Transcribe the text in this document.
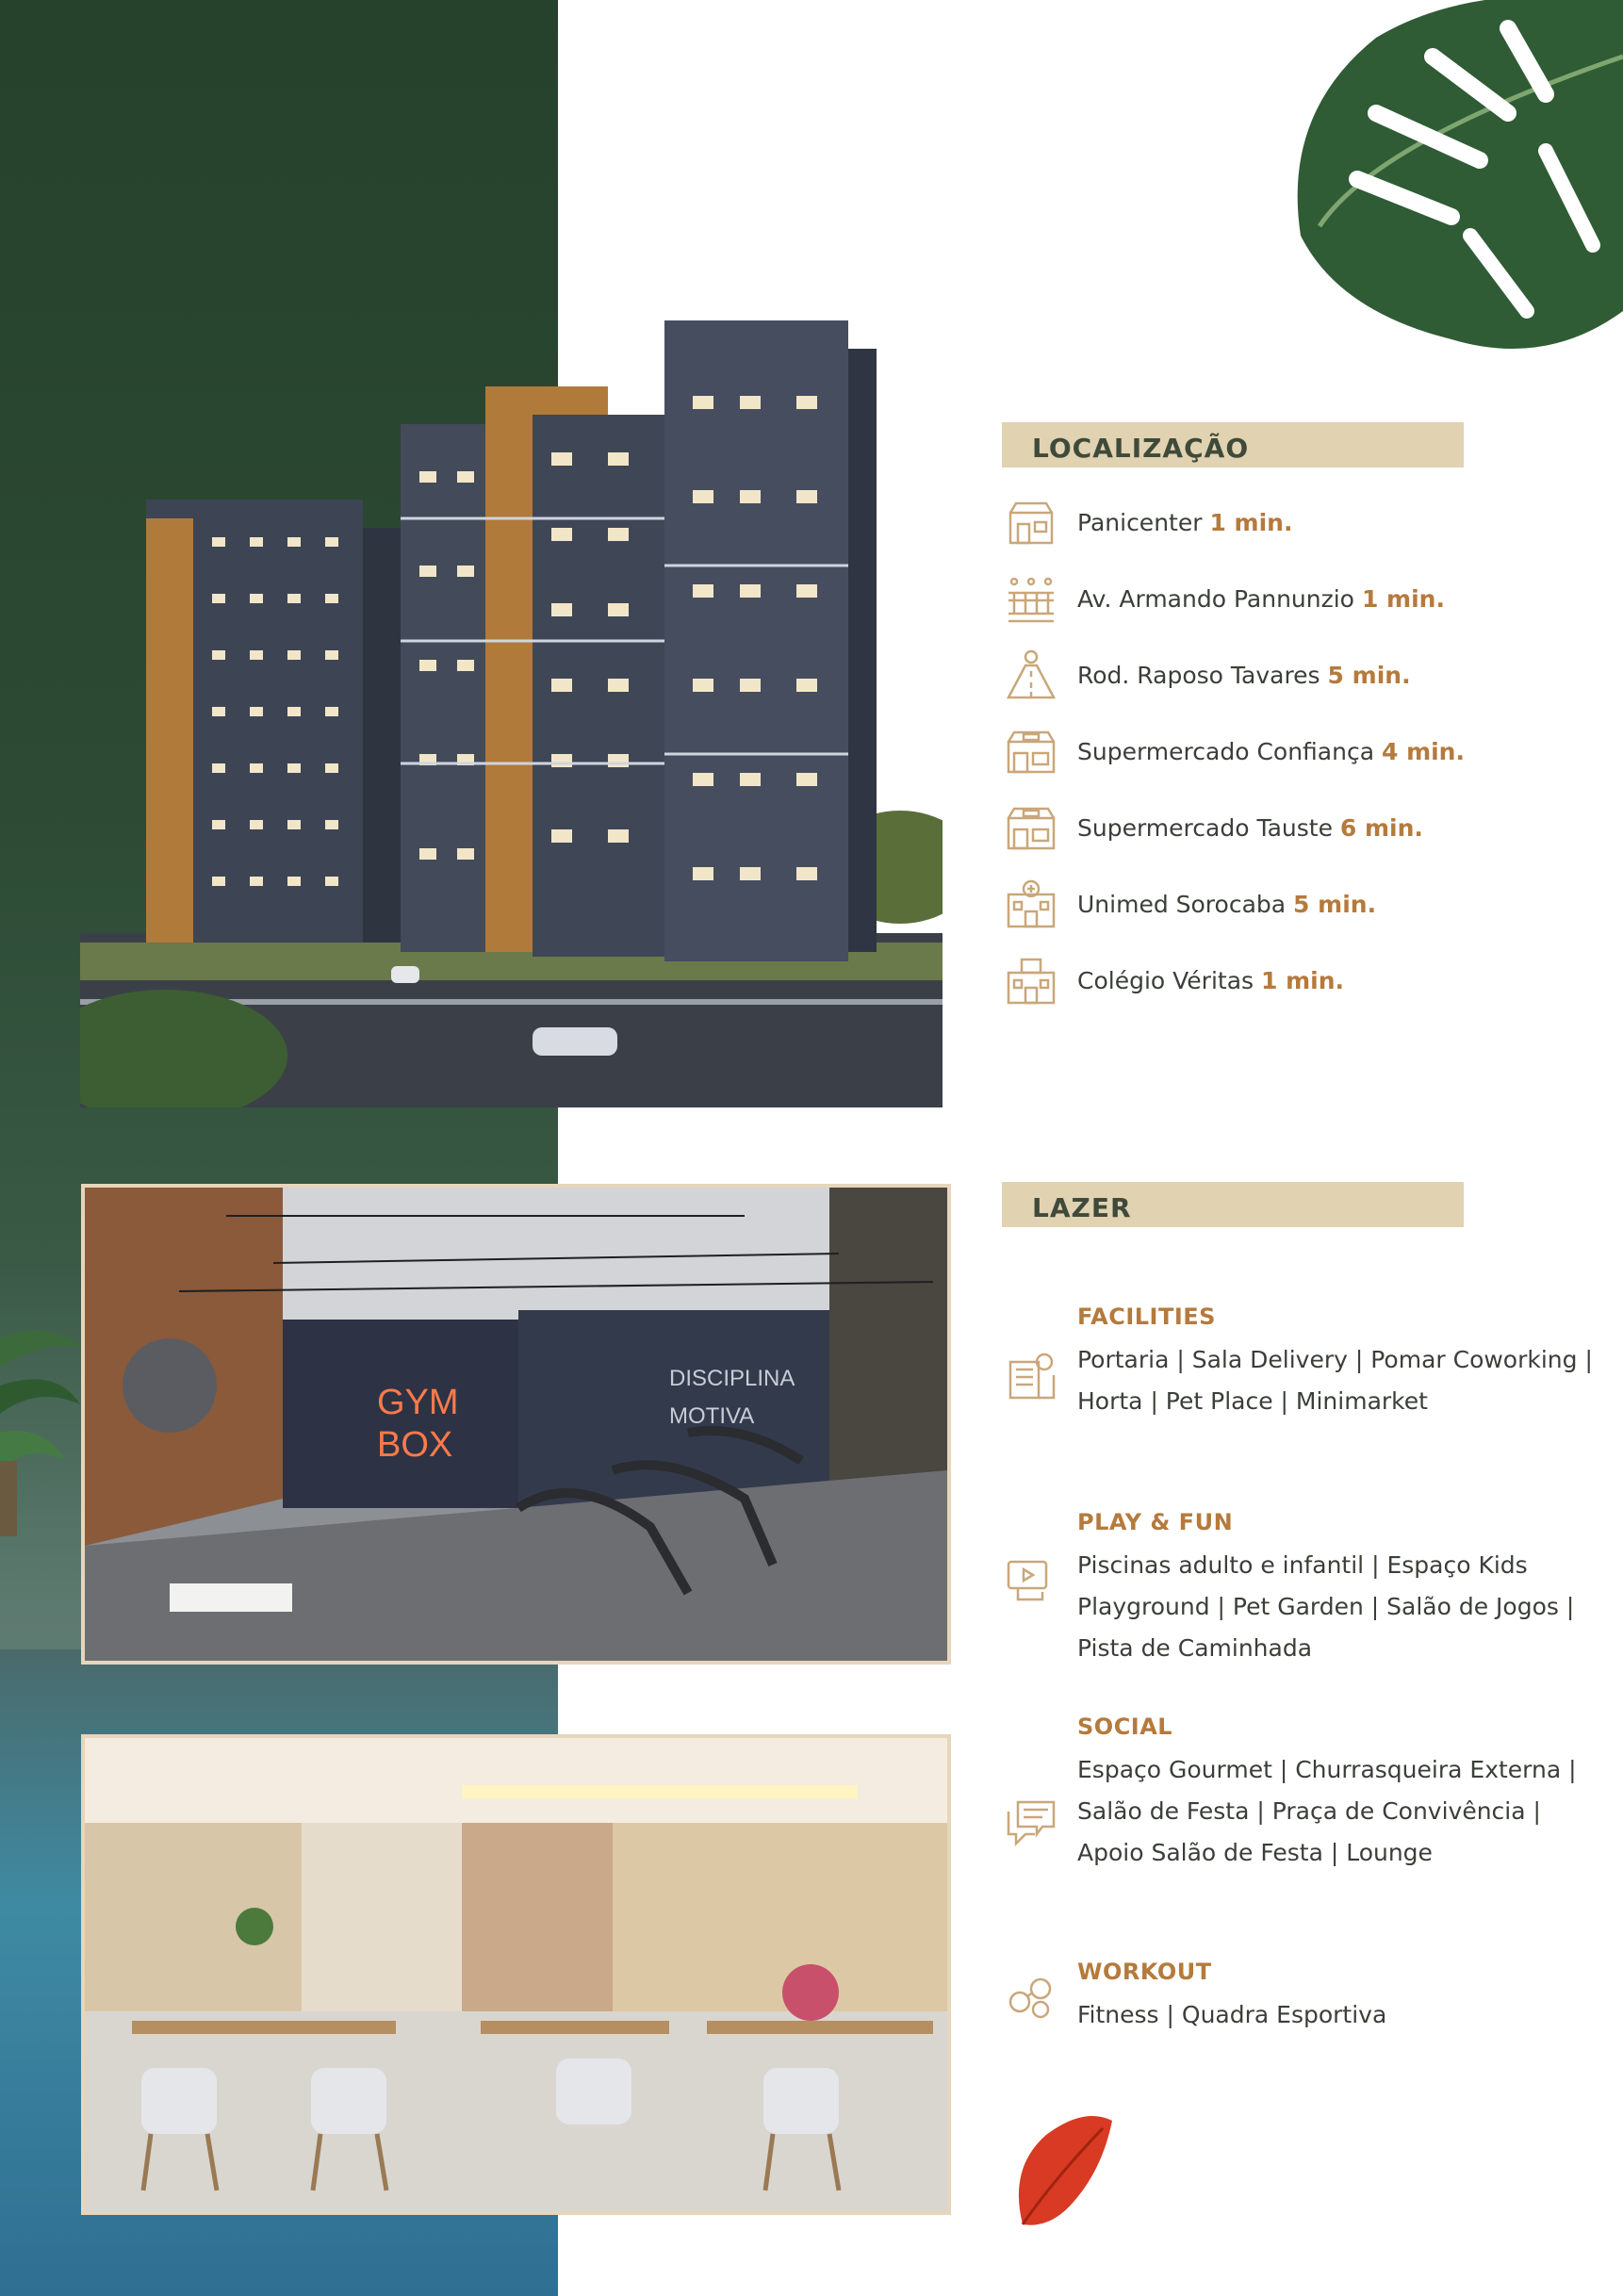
LOCALIZAÇÃO
Panicenter 1 min.
Av. Armando Pannunzio 1 min.
Rod. Raposo Tavares 5 min.
Supermercado Confiança 4 min.
Supermercado Tauste 6 min.
Unimed Sorocaba 5 min.
Colégio Véritas 1 min.
GYM
BOX
DISCIPLINA
MOTIVA
LAZER
FACILITIES
Portaria | Sala Delivery | Pomar Coworking | Horta | Pet Place | Minimarket
PLAY & FUN
Piscinas adulto e infantil | Espaço Kids Playground | Pet Garden | Salão de Jogos | Pista de Caminhada
SOCIAL
Espaço Gourmet | Churrasqueira Externa | Salão de Festa | Praça de Convivência | Apoio Salão de Festa | Lounge
WORKOUT
Fitness | Quadra Esportiva
